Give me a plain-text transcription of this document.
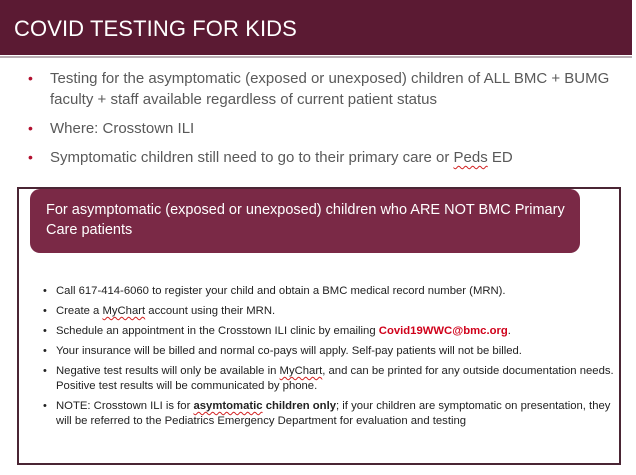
COVID TESTING FOR KIDS
• Testing for the asymptomatic (exposed or unexposed) children of ALL BMC + BUMG faculty + staff available regardless of current patient status
• Where: Crosstown ILI
• Symptomatic children still need to go to their primary care or Peds ED
For asymptomatic (exposed or unexposed) children who ARE NOT BMC Primary Care patients
• Call 617-414-6060 to register your child and obtain a BMC medical record number (MRN).
• Create a MyChart account using their MRN.
• Schedule an appointment in the Crosstown ILI clinic by emailing Covid19WWC@bmc.org.
• Your insurance will be billed and normal co-pays will apply. Self-pay patients will not be billed.
• Negative test results will only be available in MyChart, and can be printed for any outside documentation needs. Positive test results will be communicated by phone.
• NOTE: Crosstown ILI is for asymtomatic children only; if your children are symptomatic on presentation, they will be referred to the Pediatrics Emergency Department for evaluation and testing
